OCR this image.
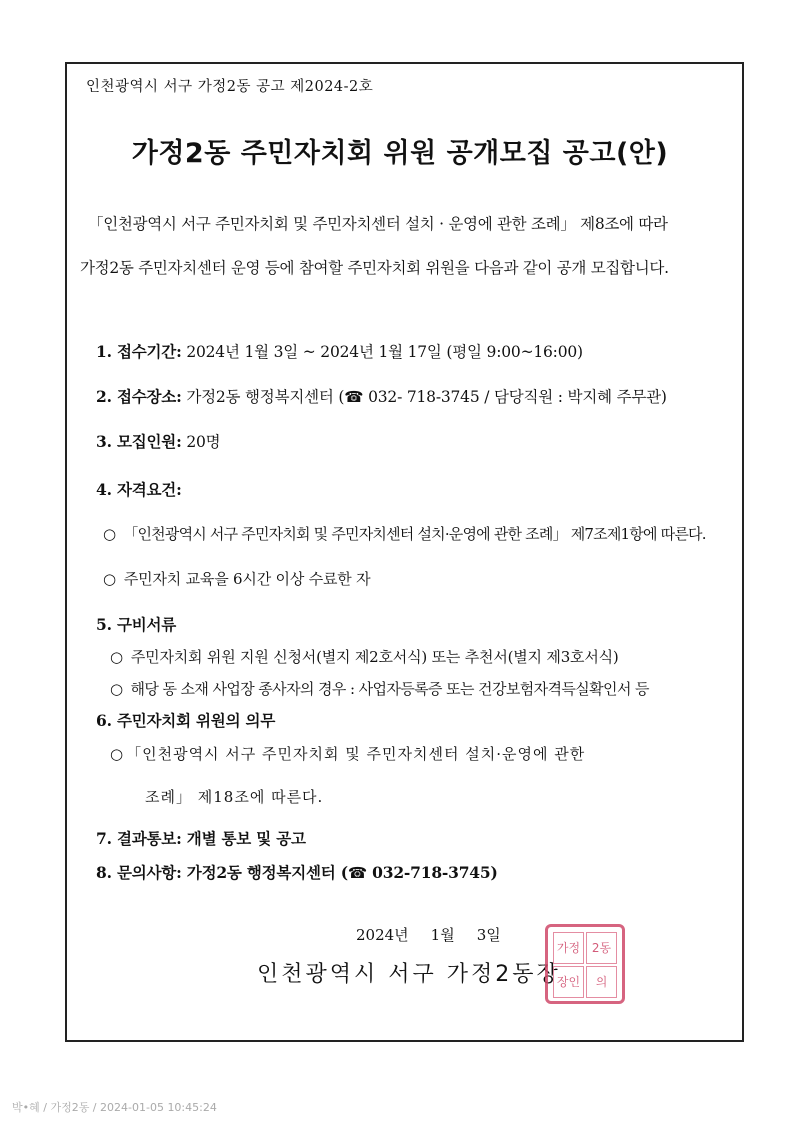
인천광역시 서구 가정2동 공고 제2024-2호
가정2동 주민자치회 위원 공개모집 공고(안)
「인천광역시 서구 주민자치회 및 주민자치센터 설치 · 운영에 관한 조례」 제8조에 따라
가정2동 주민자치센터 운영 등에 참여할 주민자치회 위원을 다음과 같이 공개 모집합니다.
1. 접수기간: 2024년 1월 3일 ~ 2024년 1월 17일 (평일 9:00~16:00)
2. 접수장소: 가정2동 행정복지센터 (☎ 032- 718-3745 / 담당직원 : 박지혜 주무관)
3. 모집인원: 20명
4. 자격요건:
○ 「인천광역시 서구 주민자치회 및 주민자치센터 설치·운영에 관한 조례」 제7조제1항에 따른다.
○ 주민자치 교육을 6시간 이상 수료한 자
5. 구비서류
○ 주민자치회 위원 지원 신청서(별지 제2호서식) 또는 추천서(별지 제3호서식)
○ 해당 동 소재 사업장 종사자의 경우 : 사업자등록증 또는 건강보험자격득실확인서 등
6. 주민자치회 위원의 의무
○ 「인천광역시 서구 주민자치회 및 주민자치센터 설치·운영에 관한
조례」 제18조에 따른다.
7. 결과통보: 개별 통보 및 공고
8. 문의사항: 가정2동 행정복지센터 (☎ 032-718-3745)
2024년 1월 3일
인천광역시 서구 가정2동장
가정 2동
장인	의
박•혜 / 가정2동 / 2024-01-05 10:45:24
